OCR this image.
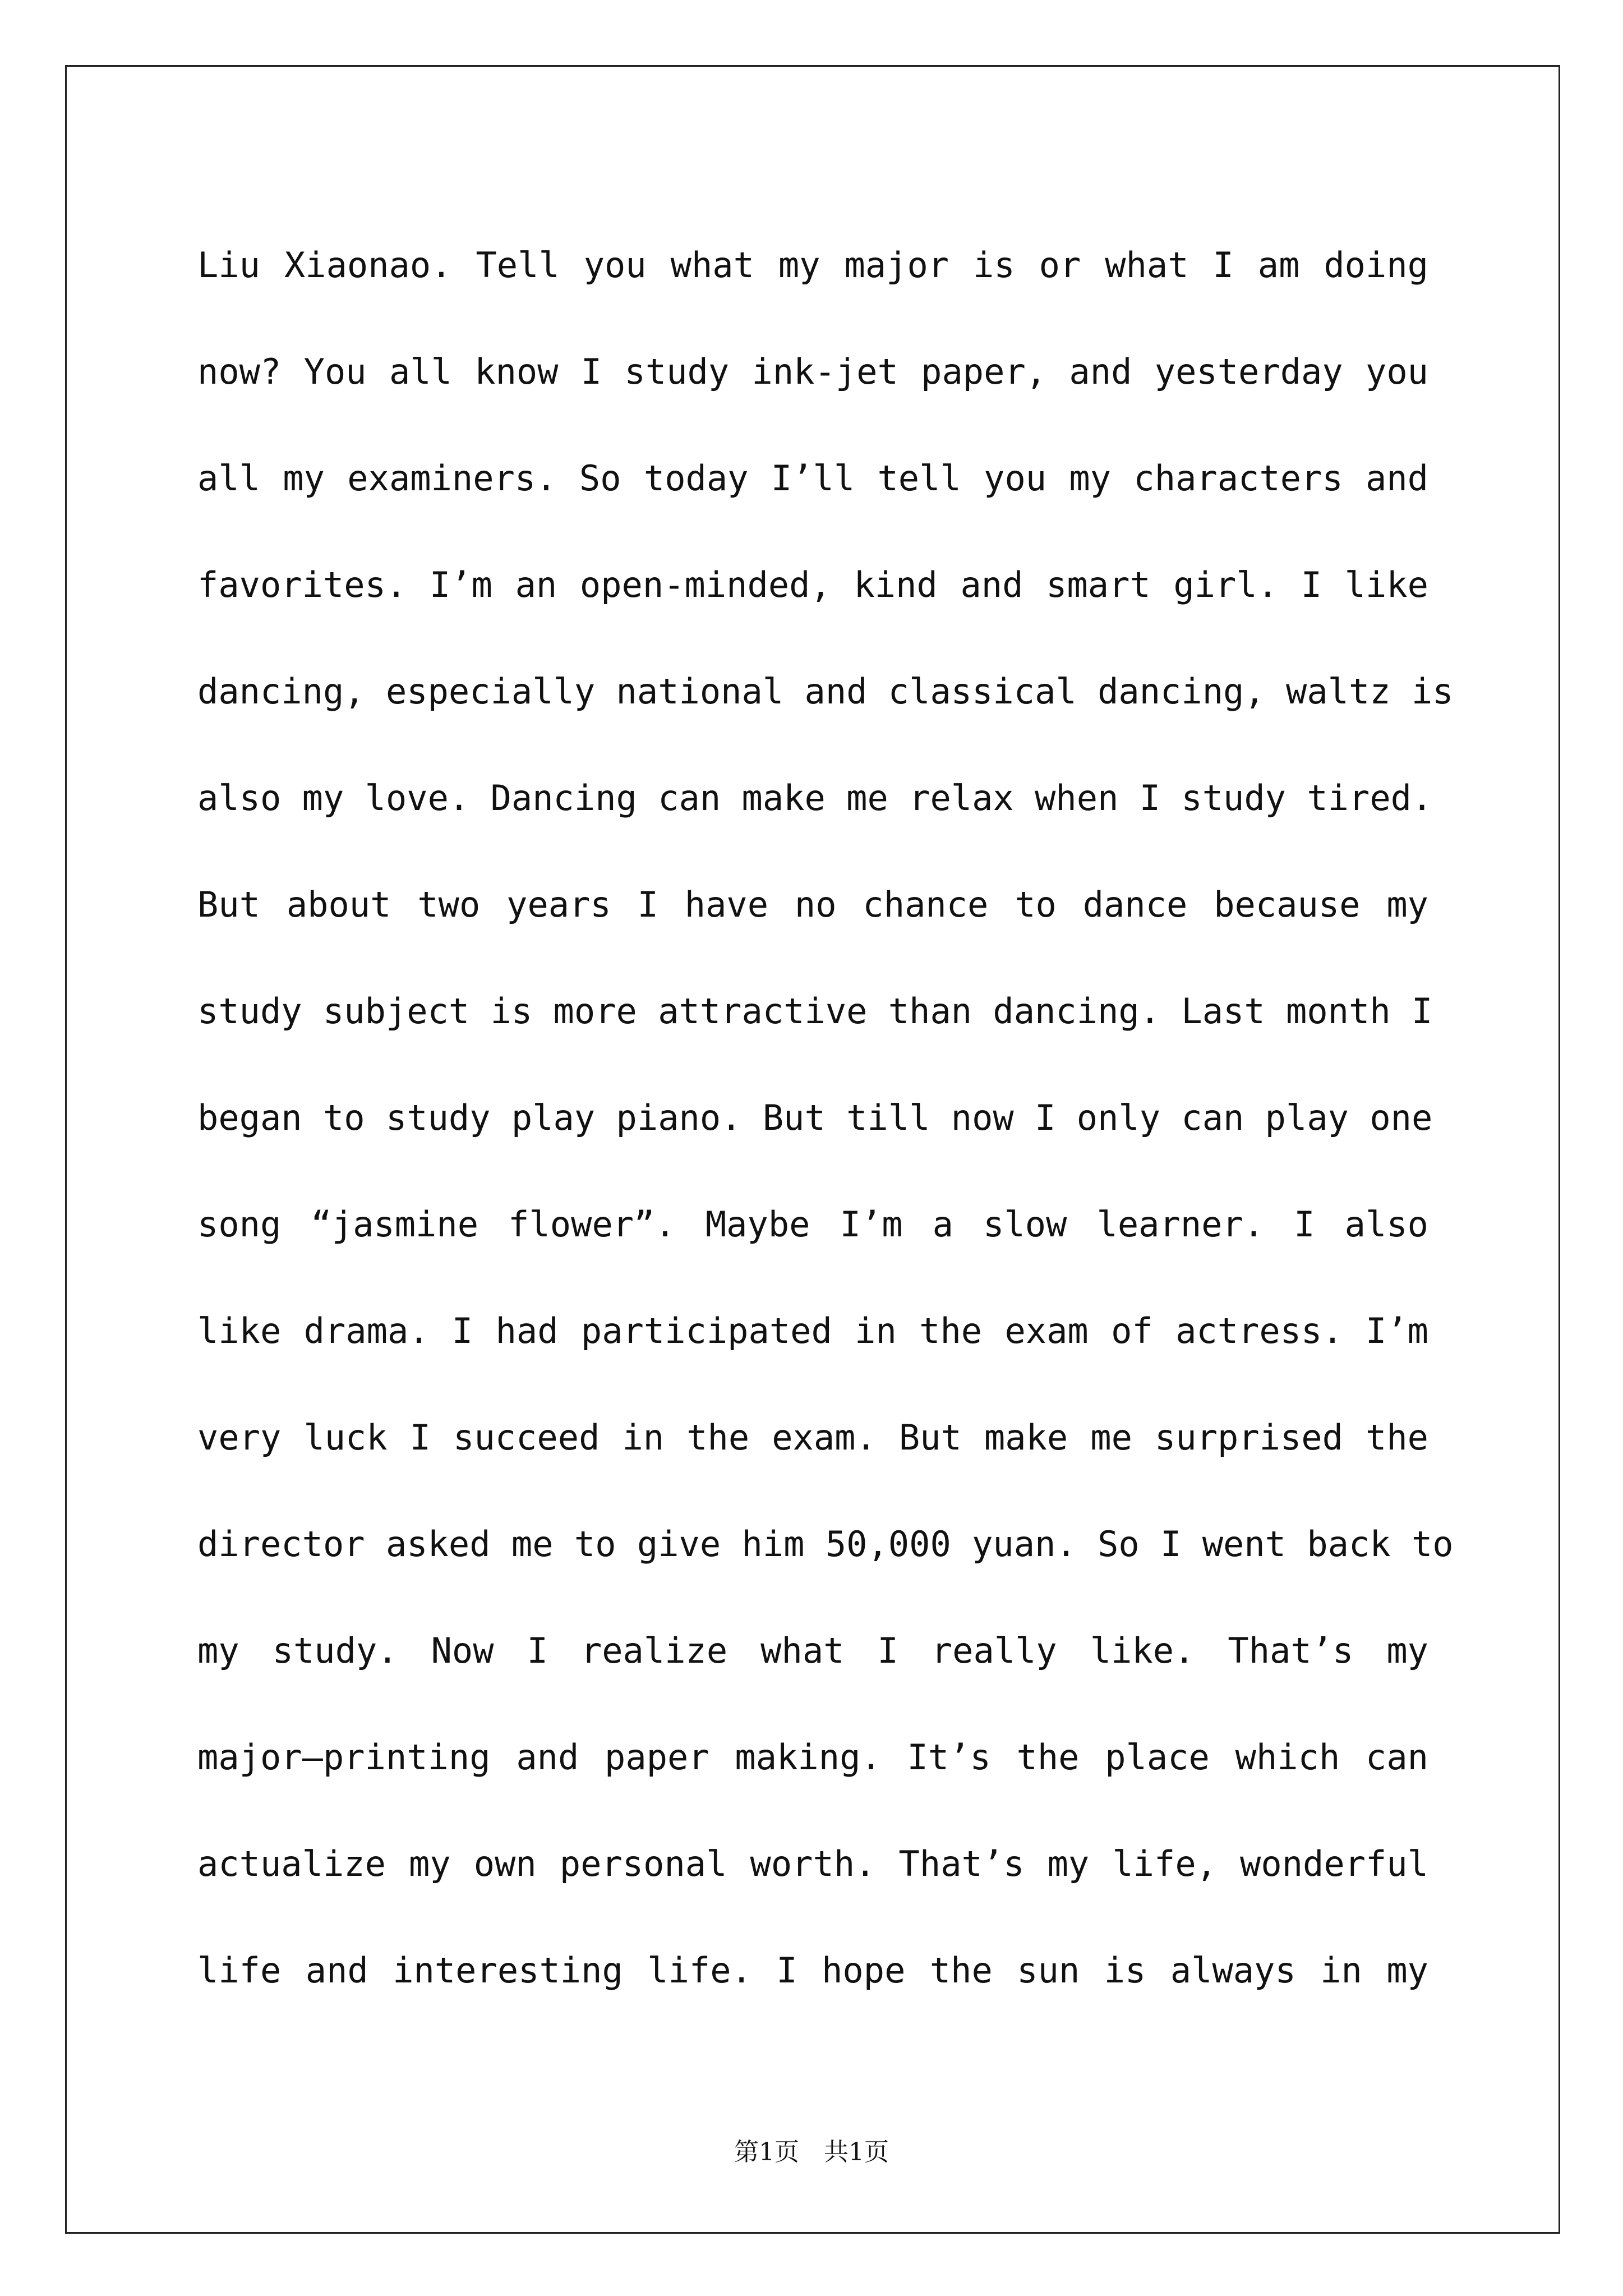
Liu Xiaonao. Tell you what my major is or what I am doing
now? You all know I study ink-jet paper, and yesterday you
all my examiners. So today I’ll tell you my characters and
favorites. I’m an open-minded, kind and smart girl. I like
dancing, especially national and classical dancing, waltz is
also my love. Dancing can make me relax when I study tired.
But about two years I have no chance to dance because my
study subject is more attractive than dancing. Last month I
began to study play piano. But till now I only can play one
song “jasmine flower”. Maybe I’m a slow learner. I also
like drama. I had participated in the exam of actress. I’m
very luck I succeed in the exam. But make me surprised the
director asked me to give him 50,000 yuan. So I went back to
my study. Now I realize what I really like. That’s my
major—printing and paper making. It’s the place which can
actualize my own personal worth. That’s my life, wonderful
life and interesting life. I hope the sun is always in my
第1页　共1页
